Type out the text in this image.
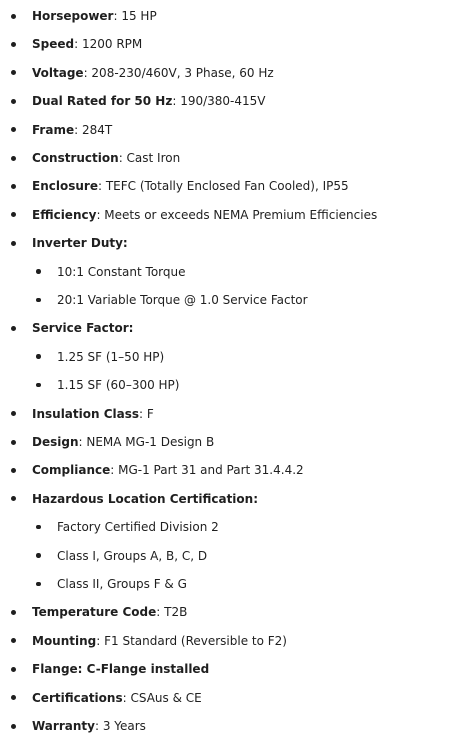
Horsepower: 15 HP
Speed: 1200 RPM
Voltage: 208-230/460V, 3 Phase, 60 Hz
Dual Rated for 50 Hz: 190/380-415V
Frame: 284T
Construction: Cast Iron
Enclosure: TEFC (Totally Enclosed Fan Cooled), IP55
Efficiency: Meets or exceeds NEMA Premium Efficiencies
Inverter Duty:
10:1 Constant Torque
20:1 Variable Torque @ 1.0 Service Factor
Service Factor:
1.25 SF (1–50 HP)
1.15 SF (60–300 HP)
Insulation Class: F
Design: NEMA MG-1 Design B
Compliance: MG-1 Part 31 and Part 31.4.4.2
Hazardous Location Certification:
Factory Certified Division 2
Class I, Groups A, B, C, D
Class II, Groups F & G
Temperature Code: T2B
Mounting: F1 Standard (Reversible to F2)
Flange: C-Flange installed
Certifications: CSAus & CE
Warranty: 3 Years
